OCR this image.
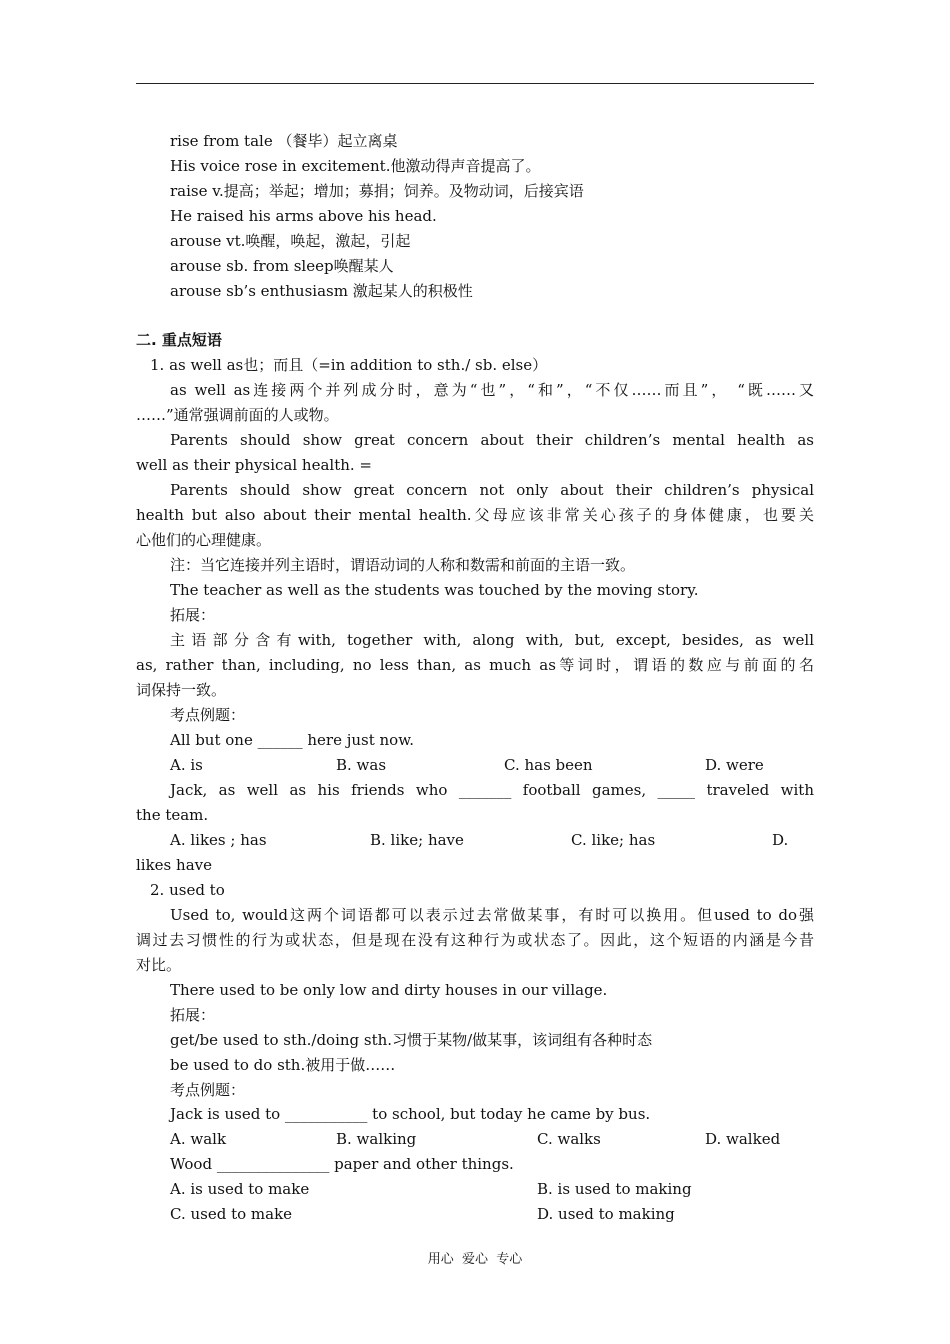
rise from tale （餐毕）起立离桌
His voice rose in excitement.他激动得声音提高了。
raise v.提高；举起；增加；募捐；饲养。及物动词，后接宾语
He raised his arms above his head.
arouse vt.唤醒，唤起，激起，引起
arouse sb. from sleep唤醒某人
arouse sb’s enthusiasm 激起某人的积极性
二. 重点短语
1. as well as也；而且（=in addition to sth./ sb. else）
as well as连接两个并列成分时，意为“也”，“和”，“不仅……而且”， “既……又
……”通常强调前面的人或物。
Parents should show great concern about their children’s mental health as
well as their physical health. =
Parents should show great concern not only about their children’s physical
health but also about their mental health.父母应该非常关心孩子的身体健康，也要关
心他们的心理健康。
注：当它连接并列主语时，谓语动词的人称和数需和前面的主语一致。
The teacher as well as the students was touched by the moving story.
拓展：
主语部分含有with, together with, along with, but, except, besides, as well
as, rather than, including, no less than, as much as等词时，谓语的数应与前面的名
词保持一致。
考点例题：
All but one ______ here just now.
A. is	B. was	C. has been	D. were
Jack, as well as his friends who _______ football games, _____ traveled with
the team.
A. likes ; has	B. like; have	C. like; has	D.
likes have
2. used to
Used to, would这两个词语都可以表示过去常做某事，有时可以换用。但used to do强
调过去习惯性的行为或状态，但是现在没有这种行为或状态了。因此，这个短语的内涵是今昔
对比。
There used to be only low and dirty houses in our village.
拓展：
get/be used to sth./doing sth.习惯于某物/做某事，该词组有各种时态
be used to do sth.被用于做……
考点例题：
Jack is used to ___________ to school, but today he came by bus.
A. walk	B. walking	C. walks	D. walked
Wood _______________ paper and other things.
A. is used to make	B. is used to making
C. used to make	D. used to making
用心  爱心  专心
